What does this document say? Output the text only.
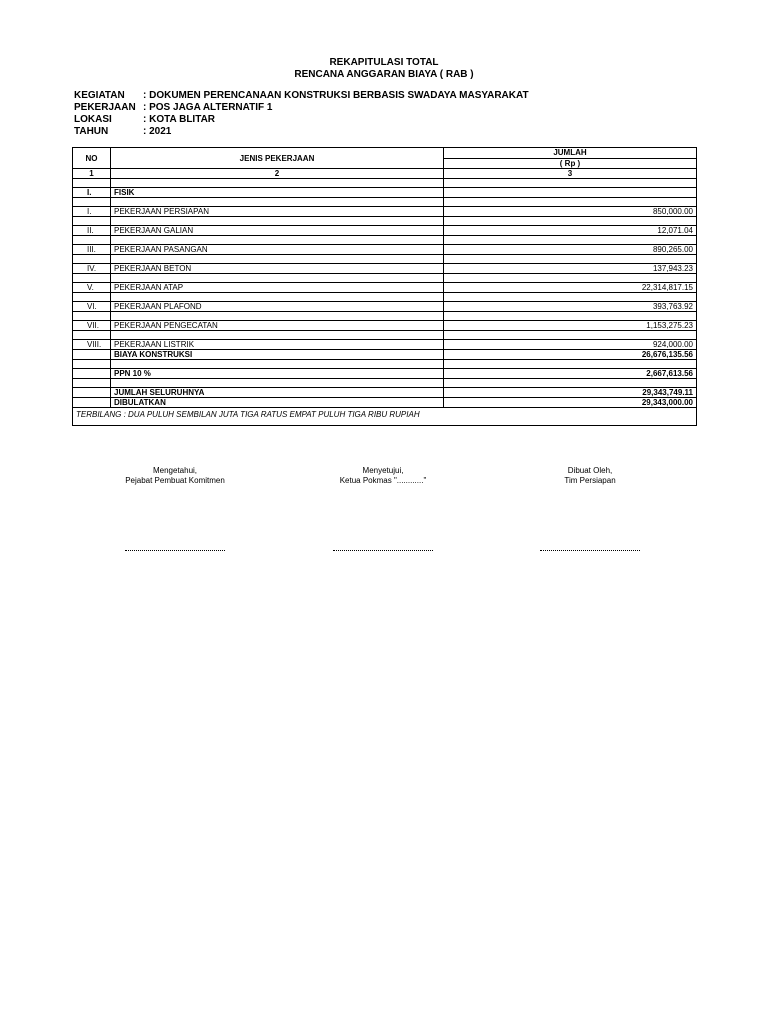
REKAPITULASI TOTAL
RENCANA ANGGARAN BIAYA ( RAB )
KEGIATAN	: DOKUMEN PERENCANAAN KONSTRUKSI BERBASIS SWADAYA MASYARAKAT
PEKERJAAN : POS JAGA ALTERNATIF 1
LOKASI	: KOTA BLITAR
TAHUN	: 2021
NO	JENIS PEKERJAAN	JUMLAH
		( Rp )
1	2	3

I.	FISIK	

I.	PEKERJAAN PERSIAPAN	850,000.00

II.	PEKERJAAN GALIAN	12,071.04

III.	PEKERJAAN PASANGAN	890,265.00

IV.	PEKERJAAN BETON	137,943.23

V.	PEKERJAAN ATAP	22,314,817.15

VI.	PEKERJAAN PLAFOND	393,763.92

VII.	PEKERJAAN PENGECATAN	1,153,275.23

VIII.	PEKERJAAN LISTRIK	924,000.00
	BIAYA KONSTRUKSI	26,676,135.56

	PPN 10 %	2,667,613.56

	JUMLAH SELURUHNYA	29,343,749.11
	DIBULATKAN	29,343,000.00
TERBILANG : DUA PULUH SEMBILAN JUTA TIGA RATUS EMPAT PULUH TIGA RIBU RUPIAH		
Mengetahui,
Pejabat Pembuat Komitmen
Menyetujui,
Ketua Pokmas "............"
Dibuat Oleh,
Tim Persiapan
